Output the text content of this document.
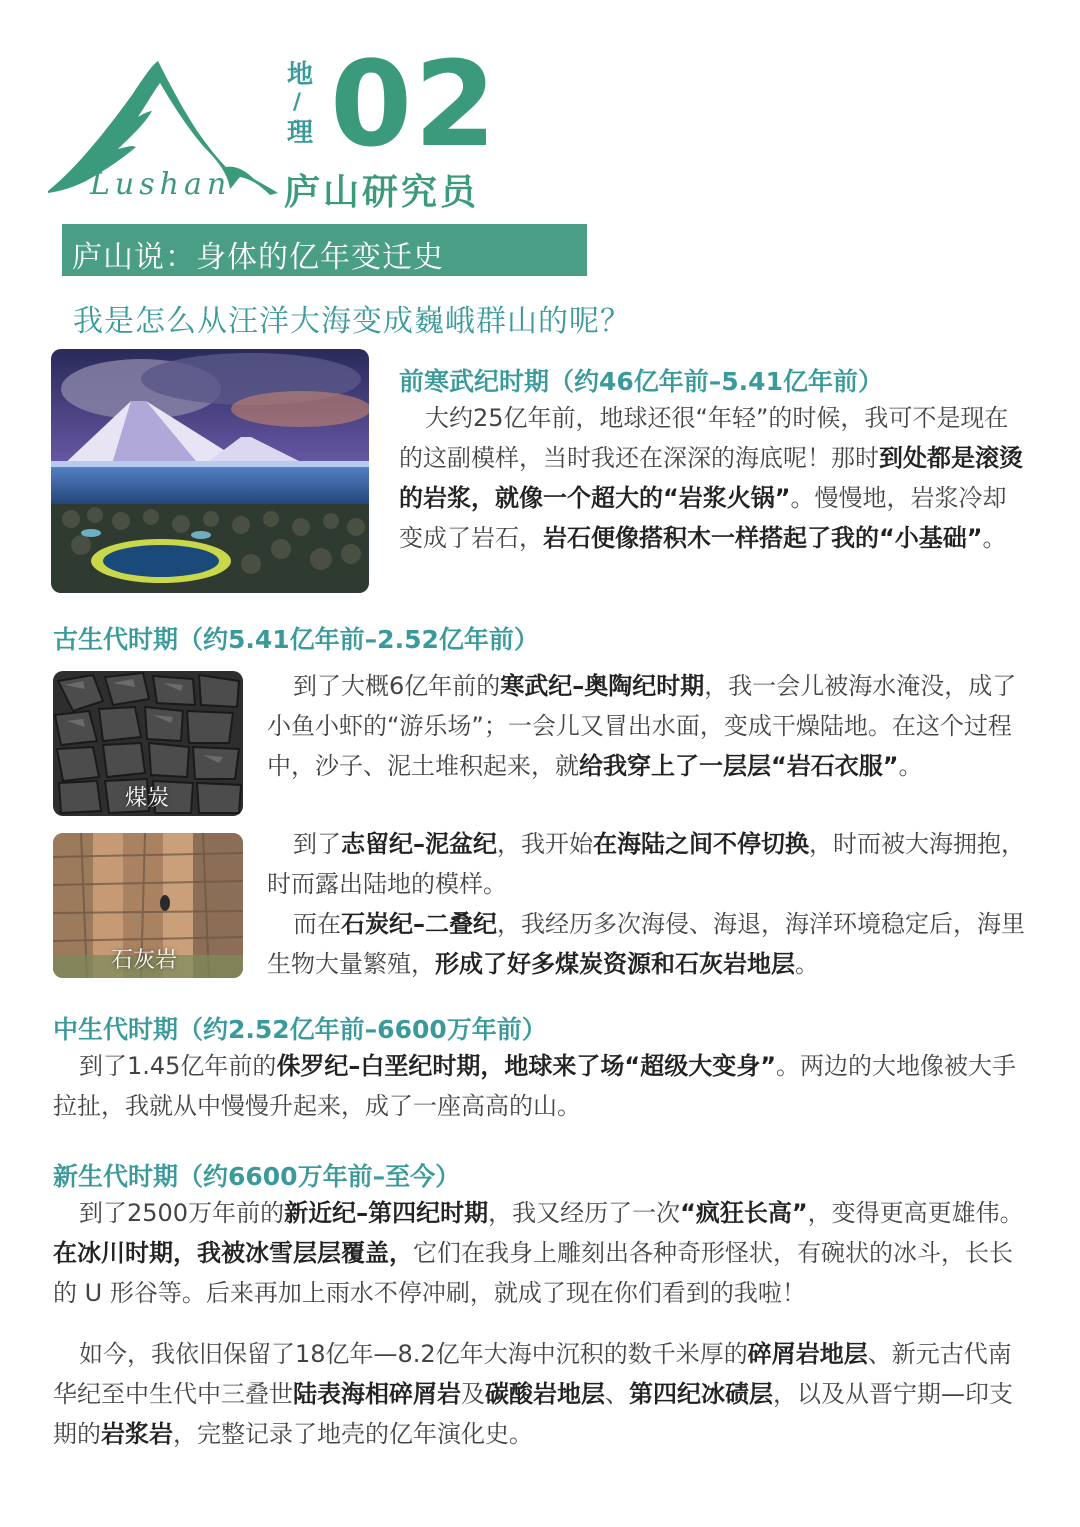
Lushan
地
/
理 02
庐山研究员
庐山说：身体的亿年变迁史
我是怎么从汪洋大海变成巍峨群山的呢？
煤炭
石灰岩
前寒武纪时期（约46亿年前–5.41亿年前）
大约25亿年前，地球还很“年轻”的时候，我可不是现在的这副模样，当时我还在深深的海底呢！那时到处都是滚烫的岩浆，就像一个超大的“岩浆火锅”。慢慢地，岩浆冷却变成了岩石，岩石便像搭积木一样搭起了我的“小基础”。
古生代时期（约5.41亿年前–2.52亿年前）
到了大概6亿年前的寒武纪–奥陶纪时期，我一会儿被海水淹没，成了小鱼小虾的“游乐场”；一会儿又冒出水面，变成干燥陆地。在这个过程中，沙子、泥土堆积起来，就给我穿上了一层层“岩石衣服”。
到了志留纪–泥盆纪，我开始在海陆之间不停切换，时而被大海拥抱，时而露出陆地的模样。
而在石炭纪–二叠纪，我经历多次海侵、海退，海洋环境稳定后，海里生物大量繁殖，形成了好多煤炭资源和石灰岩地层。
中生代时期（约2.52亿年前–6600万年前）
到了1.45亿年前的侏罗纪–白垩纪时期，地球来了场“超级大变身”。两边的大地像被大手拉扯，我就从中慢慢升起来，成了一座高高的山。
新生代时期（约6600万年前–至今）
到了2500万年前的新近纪–第四纪时期，我又经历了一次“疯狂长高”，变得更高更雄伟。在冰川时期，我被冰雪层层覆盖，它们在我身上雕刻出各种奇形怪状，有碗状的冰斗，长长的 U 形谷等。后来再加上雨水不停冲刷，就成了现在你们看到的我啦！
如今，我依旧保留了18亿年—8.2亿年大海中沉积的数千米厚的碎屑岩地层、新元古代南华纪至中生代中三叠世陆表海相碎屑岩及碳酸岩地层、第四纪冰碛层，以及从晋宁期—印支期的岩浆岩，完整记录了地壳的亿年演化史。
